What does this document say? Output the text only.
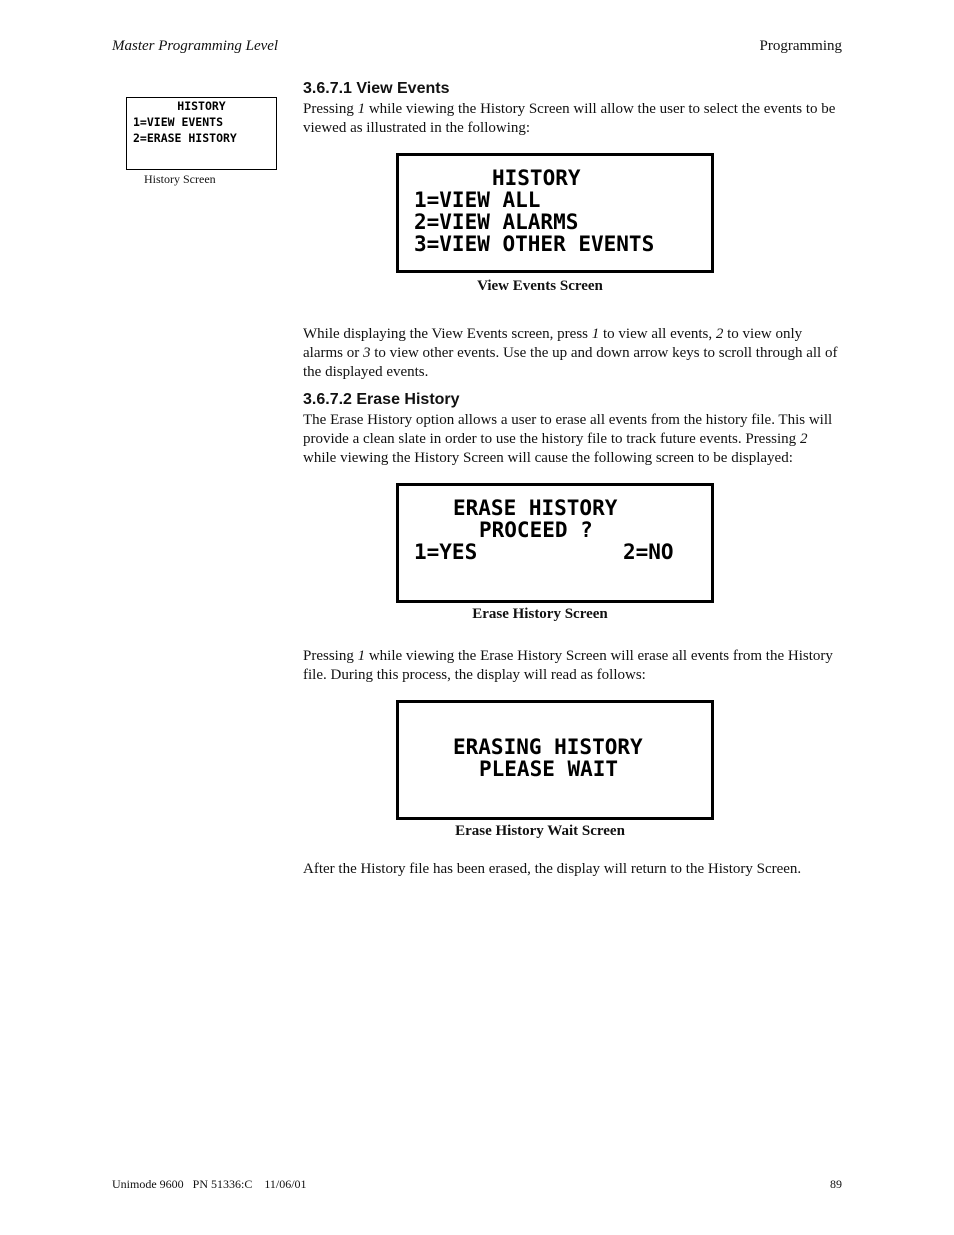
Master Programming Level	Programming
HISTORY
1=VIEW EVENTS
2=ERASE HISTORY
History Screen
3.6.7.1 View Events
Pressing 1 while viewing the History Screen will allow the user to select the events to be viewed as illustrated in the following:
HISTORY
1=VIEW ALL
2=VIEW ALARMS
3=VIEW OTHER EVENTS
View Events Screen
While displaying the View Events screen, press 1 to view all events, 2 to view only alarms or 3 to view other events. Use the up and down arrow keys to scroll through all of the displayed events.
3.6.7.2 Erase History
The Erase History option allows a user to erase all events from the history file. This will provide a clean slate in order to use the history file to track future events. Pressing 2 while viewing the History Screen will cause the following screen to be displayed:
ERASE HISTORY
PROCEED ?
1=YES	2=NO
Erase History Screen
Pressing 1 while viewing the Erase History Screen will erase all events from the History file. During this process, the display will read as follows:
ERASING HISTORY
PLEASE WAIT
Erase History Wait Screen
After the History file has been erased, the display will return to the History Screen.
Unimode 9600   PN 51336:C    11/06/01	89
